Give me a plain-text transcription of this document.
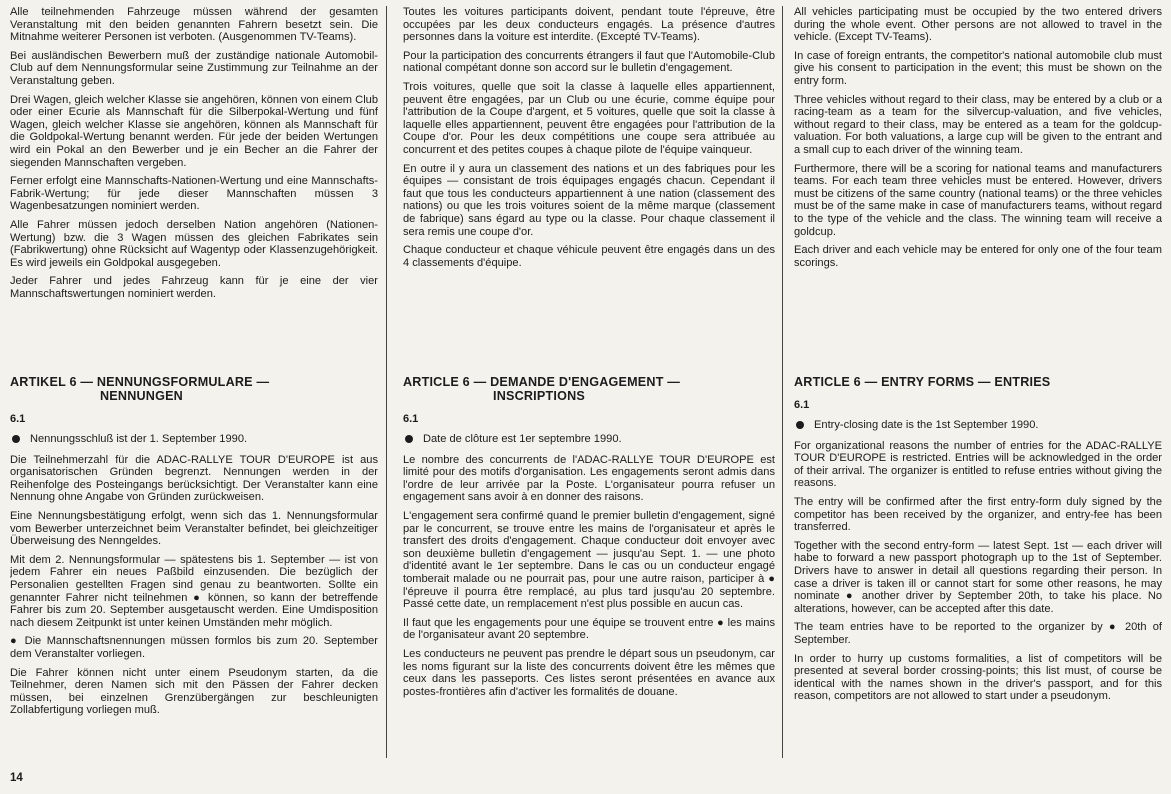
Alle teilnehmenden Fahrzeuge müssen während der gesamten Veranstaltung mit den beiden genannten Fahrern besetzt sein. Die Mitnahme weiterer Personen ist verboten. (Ausgenommen TV-Teams).

Bei ausländischen Bewerbern muß der zuständige nationale Automobil-Club auf dem Nennungsformular seine Zustimmung zur Teilnahme an der Veranstaltung geben.

Drei Wagen, gleich welcher Klasse sie angehören, können von einem Club oder einer Ecurie als Mannschaft für die Silberpokal-Wertung und fünf Wagen, gleich welcher Klasse sie angehören, können als Mannschaft für die Goldpokal-Wertung benannt werden. Für jede der beiden Wertungen wird ein Pokal an den Bewerber und je ein Becher an die Fahrer der siegenden Mannschaften vergeben.

Ferner erfolgt eine Mannschafts-Nationen-Wertung und eine Mannschafts-Fabrik-Wertung; für jede dieser Mannschaften müssen 3 Wagenbesatzungen nominiert werden.

Alle Fahrer müssen jedoch derselben Nation angehören (Nationen-Wertung) bzw. die 3 Wagen müssen des gleichen Fabrikates sein (Fabrikwertung) ohne Rücksicht auf Wagentyp oder Klassenzugehörigkeit. Es wird jeweils ein Goldpokal ausgegeben.

Jeder Fahrer und jedes Fahrzeug kann für je eine der vier Mannschaftswertungen nominiert werden.

ARTIKEL 6 — NENNUNGSFORMULARE —
NENNUNGEN
6.1
Nennungsschluß ist der 1. September 1990.

Die Teilnehmerzahl für die ADAC-RALLYE TOUR D'EUROPE ist aus organisatorischen Gründen begrenzt. Nennungen werden in der Reihenfolge des Posteingangs berücksichtigt. Der Veranstalter kann eine Nennung ohne Angabe von Gründen zurückweisen.

Eine Nennungsbestätigung erfolgt, wenn sich das 1. Nennungsformular vom Bewerber unterzeichnet beim Veranstalter befindet, bei gleichzeitiger Überweisung des Nenngeldes.

Mit dem 2. Nennungsformular — spätestens bis 1. September — ist von jedem Fahrer ein neues Paßbild einzusenden. Die bezüglich der Personalien gestellten Fragen sind genau zu beantworten. Sollte ein genannter Fahrer nicht teilnehmen ● können, so kann der betreffende Fahrer bis zum 20. September ausgetauscht werden. Eine Umdisposition nach diesem Zeitpunkt ist unter keinen Umständen mehr möglich.

● Die Mannschaftsnennungen müssen formlos bis zum 20. September dem Veranstalter vorliegen.

Die Fahrer können nicht unter einem Pseudonym starten, da die Teilnehmer, deren Namen sich mit den Pässen der Fahrer decken müssen, bei einzelnen Grenzübergängen zur beschleunigten Zollabfertigung vorliegen muß.

Toutes les voitures participants doivent, pendant toute l'épreuve, être occupées par les deux conducteurs engagés. La présence d'autres personnes dans la voiture est interdite. (Excepté TV-Teams).

Pour la participation des concurrents étrangers il faut que l'Automobile-Club national compétant donne son accord sur le bulletin d'engagement.

Trois voitures, quelle que soit la classe à laquelle elles appartiennent, peuvent être engagées, par un Club ou une écurie, comme équipe pour l'attribution de la Coupe d'argent, et 5 voitures, quelle que soit la classe à laquelle elles appartiennent, peuvent être engagées pour l'attribution de la Coupe d'or. Pour les deux compétitions une coupe sera attribuée au concurrent et des petites coupes à chaque pilote de l'équipe vainqueur.

En outre il y aura un classement des nations et un des fabriques pour les équipes — consistant de trois équipages engagés chacun. Cependant il faut que tous les conducteurs appartiennent à une nation (classement des nations) ou que les trois voitures soient de la même marque (classement de fabrique) sans égard au type ou la classe. Pour chaque classement il sera remis une coupe d'or.

Chaque conducteur et chaque véhicule peuvent être engagés dans un des 4 classements d'équipe.

ARTICLE 6 — DEMANDE D'ENGAGEMENT —
INSCRIPTIONS
6.1
Date de clôture est 1er septembre 1990.

Le nombre des concurrents de l'ADAC-RALLYE TOUR D'EUROPE est limité pour des motifs d'organisation. Les engagements seront admis dans l'ordre de leur arrivée par la Poste. L'organisateur pourra refuser un engagement sans avoir à en donner des raisons.

L'engagement sera confirmé quand le premier bulletin d'engagement, signé par le concurrent, se trouve entre les mains de l'organisateur et après le transfert des droits d'engagement. Chaque conducteur doit envoyer avec son deuxième bulletin d'engagement — jusqu'au Sept. 1. — une photo d'identité avant le 1er septembre. Dans le cas ou un conducteur engagé tomberait malade ou ne pourrait pas, pour une autre raison, participer à ● l'épreuve il pourra être remplacé, au plus tard jusqu'au 20 septembre. Passé cette date, un remplacement n'est plus possible en aucun cas.

Il faut que les engagements pour une équipe se trouvent entre ● les mains de l'organisateur avant 20 septembre.

Les conducteurs ne peuvent pas prendre le départ sous un pseudonym, car les noms figurant sur la liste des concurrents doivent être les mêmes que ceux dans les passeports. Ces listes seront présentées en avance aux postes-frontières afin d'activer les formalités de douane.

All vehicles participating must be occupied by the two entered drivers during the whole event. Other persons are not allowed to travel in the vehicle. (Except TV-Teams).

In case of foreign entrants, the competitor's national automobile club must give his consent to participation in the event; this must be shown on the entry form.

Three vehicles without regard to their class, may be entered by a club or a racing-team as a team for the silvercup-valuation, and five vehicles, without regard to their class, may be entered as a team for the goldcup-valuation. For both valuations, a large cup will be given to the entrant and a small cup to each driver of the winning team.

Furthermore, there will be a scoring for national teams and manufacturers teams. For each team three vehicles must be entered. However, drivers must be citizens of the same country (national teams) or the three vehicles must be of the same make in case of manufacturers teams, without regard to the type of the vehicle and the class. The winning team will receive a goldcup.

Each driver and each vehicle may be entered for only one of the four team scorings.

ARTICLE 6 — ENTRY FORMS — ENTRIES
6.1
Entry-closing date is the 1st September 1990.

For organizational reasons the number of entries for the ADAC-RALLYE TOUR D'EUROPE is restricted. Entries will be acknowledged in the order of their arrival. The organizer is entitled to refuse entries without giving the reasons.

The entry will be confirmed after the first entry-form duly signed by the competitor has been received by the organizer, and entry-fee has been transferred.

Together with the second entry-form — latest Sept. 1st — each driver will habe to forward a new passport photograph up to the 1st of September. Drivers have to answer in detail all questions regarding their person. In case a driver is taken ill or cannot start for some other reasons, he may nominate ● another driver by September 20th, to take his place. No alterations, however, can be accepted after this date.

The team entries have to be reported to the organizer by ● 20th of September.

In order to hurry up customs formalities, a list of competitors will be presented at several border crossing-points; this list must, of course be identical with the names shown in the driver's passport, and for this reason, competitors are not allowed to start under a pseudonym.

14
